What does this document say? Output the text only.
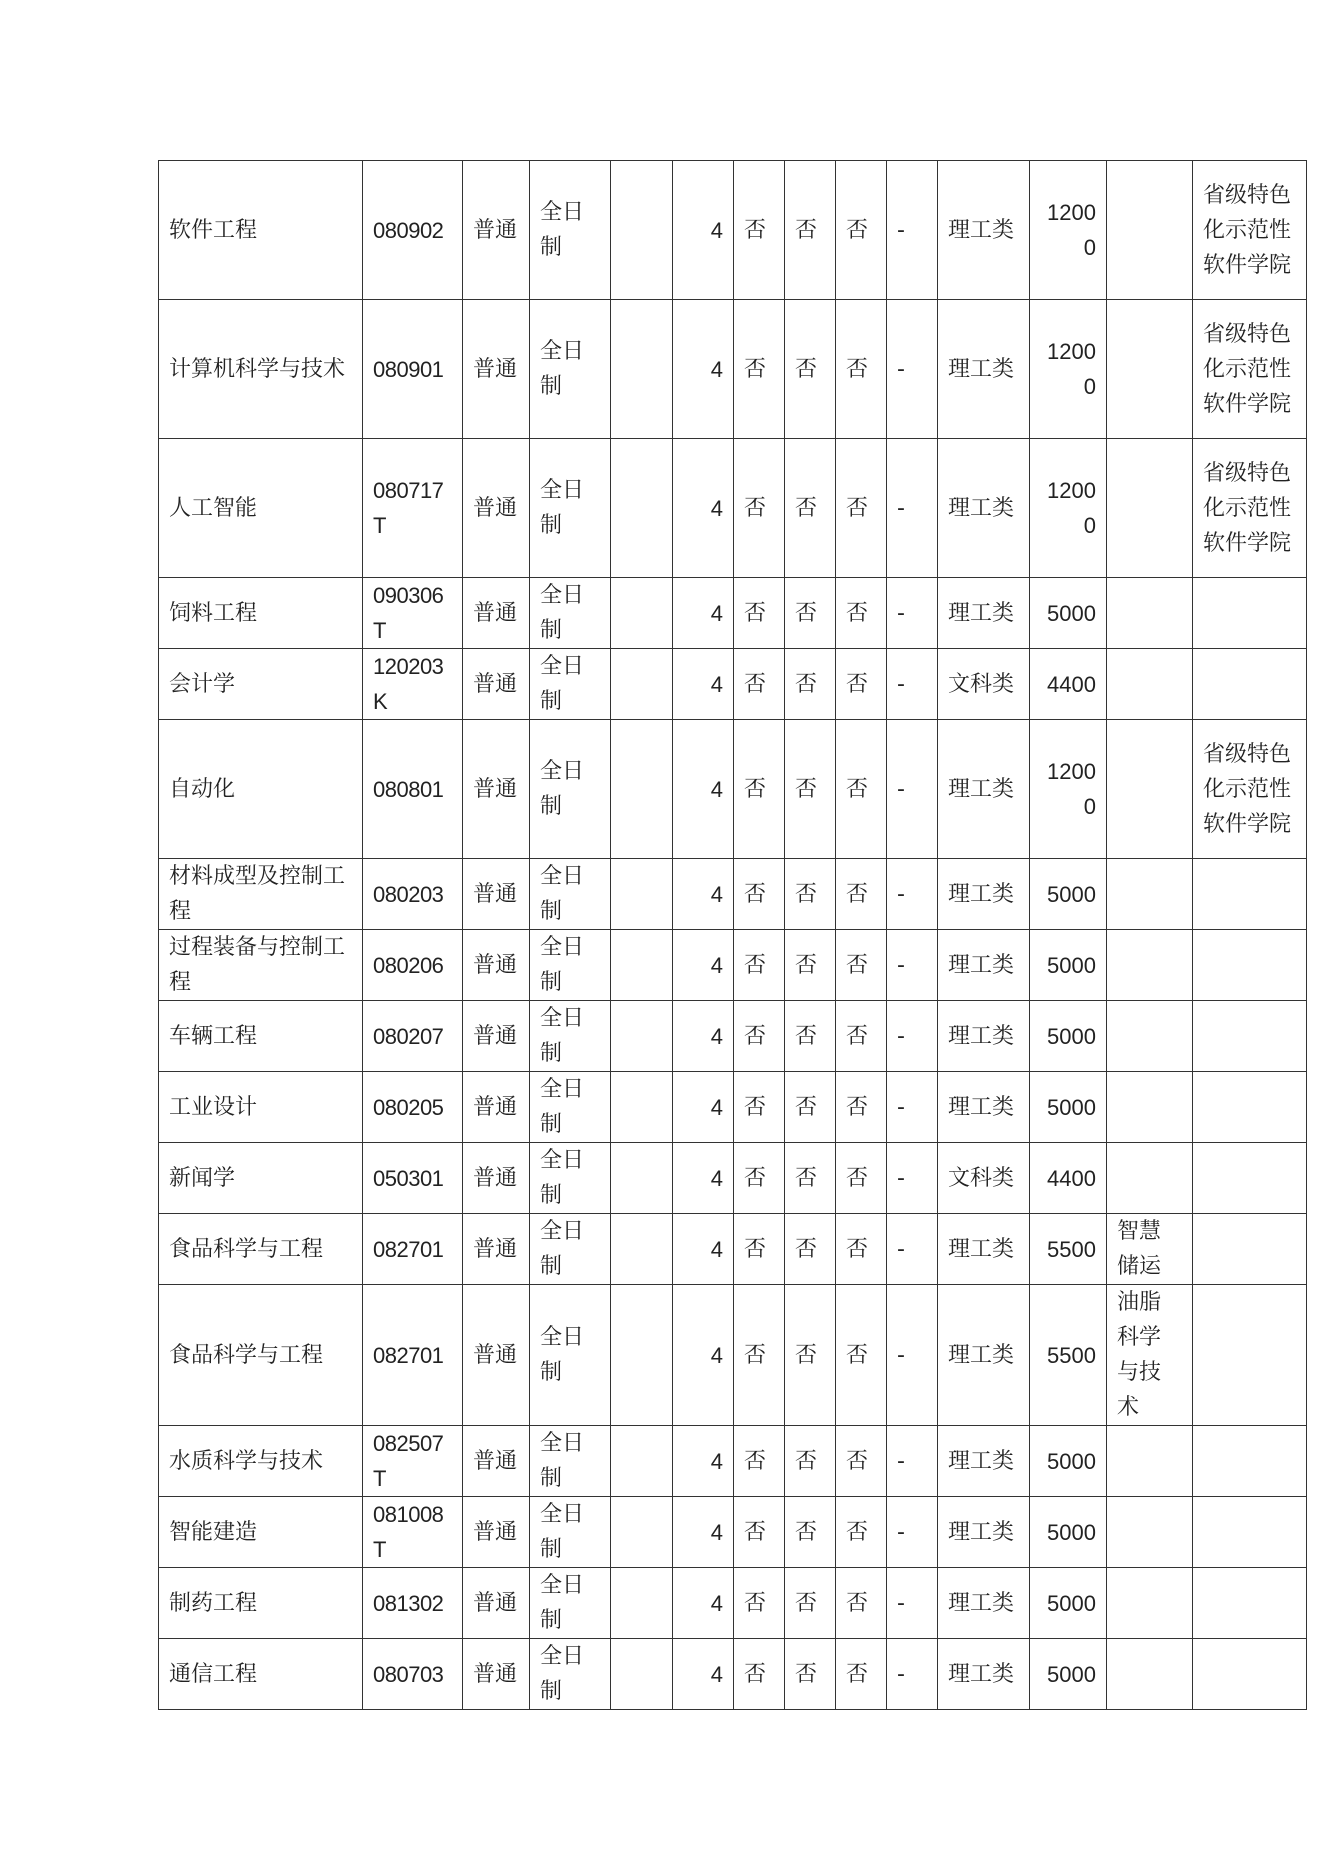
软件工程	080902	普通	全日制		4	否	否	否	-	理工类	12000		省级特色化示范性软件学院
计算机科学与技术	080901	普通	全日制		4	否	否	否	-	理工类	12000		省级特色化示范性软件学院
人工智能	080717T	普通	全日制		4	否	否	否	-	理工类	12000		省级特色化示范性软件学院
饲料工程	090306T	普通	全日制		4	否	否	否	-	理工类	5000		
会计学	120203K	普通	全日制		4	否	否	否	-	文科类	4400		
自动化	080801	普通	全日制		4	否	否	否	-	理工类	12000		省级特色化示范性软件学院
材料成型及控制工程	080203	普通	全日制		4	否	否	否	-	理工类	5000		
过程装备与控制工程	080206	普通	全日制		4	否	否	否	-	理工类	5000		
车辆工程	080207	普通	全日制		4	否	否	否	-	理工类	5000		
工业设计	080205	普通	全日制		4	否	否	否	-	理工类	5000		
新闻学	050301	普通	全日制		4	否	否	否	-	文科类	4400		
食品科学与工程	082701	普通	全日制		4	否	否	否	-	理工类	5500	智慧储运	
食品科学与工程	082701	普通	全日制		4	否	否	否	-	理工类	5500	油脂科学与技术	
水质科学与技术	082507T	普通	全日制		4	否	否	否	-	理工类	5000		
智能建造	081008T	普通	全日制		4	否	否	否	-	理工类	5000		
制药工程	081302	普通	全日制		4	否	否	否	-	理工类	5000		
通信工程	080703	普通	全日制		4	否	否	否	-	理工类	5000		
